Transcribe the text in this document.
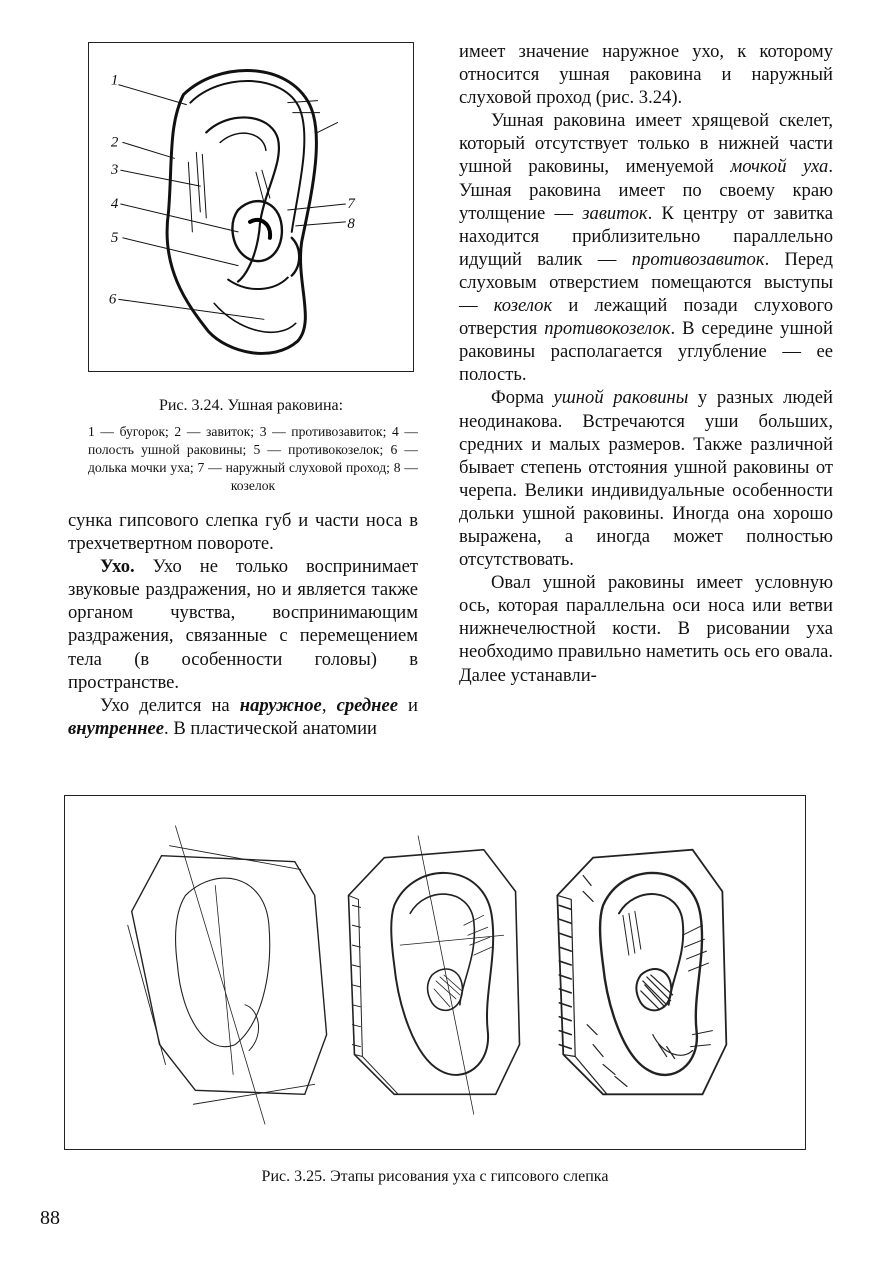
1
2
3
4
5
6
7
8
Рис. 3.24. Ушная раковина:
1 — бугорок; 2 — завиток; 3 — противозавиток; 4 — полость ушной раковины; 5 — противокозелок; 6 — долька мочки уха; 7 — наружный слуховой проход; 8 — козелок

сунка гипсового слепка губ и части носа в трехчетвертном повороте.

Ухо. Ухо не только воспринимает звуковые раздражения, но и является также органом чувства, воспринимающим раздражения, связанные с перемещением тела (в особенности головы) в пространстве.

Ухо делится на наружное, среднее и внутреннее. В пластической анатомии

имеет значение наружное ухо, к которому относится ушная раковина и наружный слуховой проход (рис. 3.24).

Ушная раковина имеет хрящевой скелет, который отсутствует только в нижней части ушной раковины, именуемой мочкой уха. Ушная раковина имеет по своему краю утолщение — завиток. К центру от завитка находится приблизительно параллельно идущий валик — противозавиток. Перед слуховым отверстием помещаются выступы — козелок и лежащий позади слухового отверстия противокозелок. В середине ушной раковины располагается углубление — ее полость.

Форма ушной раковины у разных людей неодинакова. Встречаются уши больших, средних и малых размеров. Также различной бывает степень отстояния ушной раковины от черепа. Велики индивидуальные особенности дольки ушной раковины. Иногда она хорошо выражена, а иногда может полностью отсутствовать.

Овал ушной раковины имеет условную ось, которая параллельна оси носа или ветви нижнечелюстной кости. В рисовании уха необходимо правильно наметить ось его овала. Далее устанавли-

Рис. 3.25. Этапы рисования уха с гипсового слепка
88
